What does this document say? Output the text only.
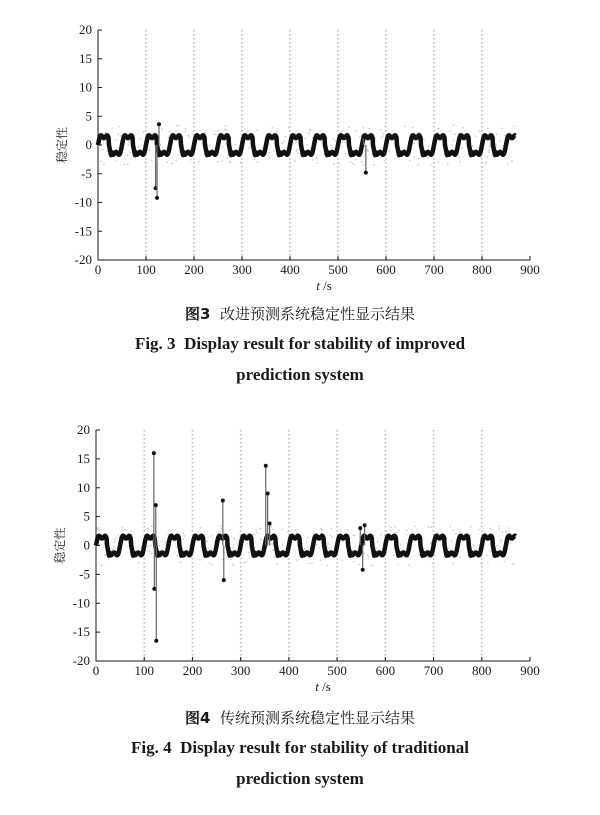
20
15
10
5
0
-5
-10
-15
-20
0	100 200 300 400 500 600 700 800 900
稳定性
t /s
图3 改进预测系统稳定性显示结果
Fig. 3 Display result for stability of improved
prediction system
20
15
10
5
0
-5
-10
-15
-20
0	100 200 300 400 500 600 700 800 900
稳定性
t /s
图4 传统预测系统稳定性显示结果
Fig. 4 Display result for stability of traditional
prediction system
